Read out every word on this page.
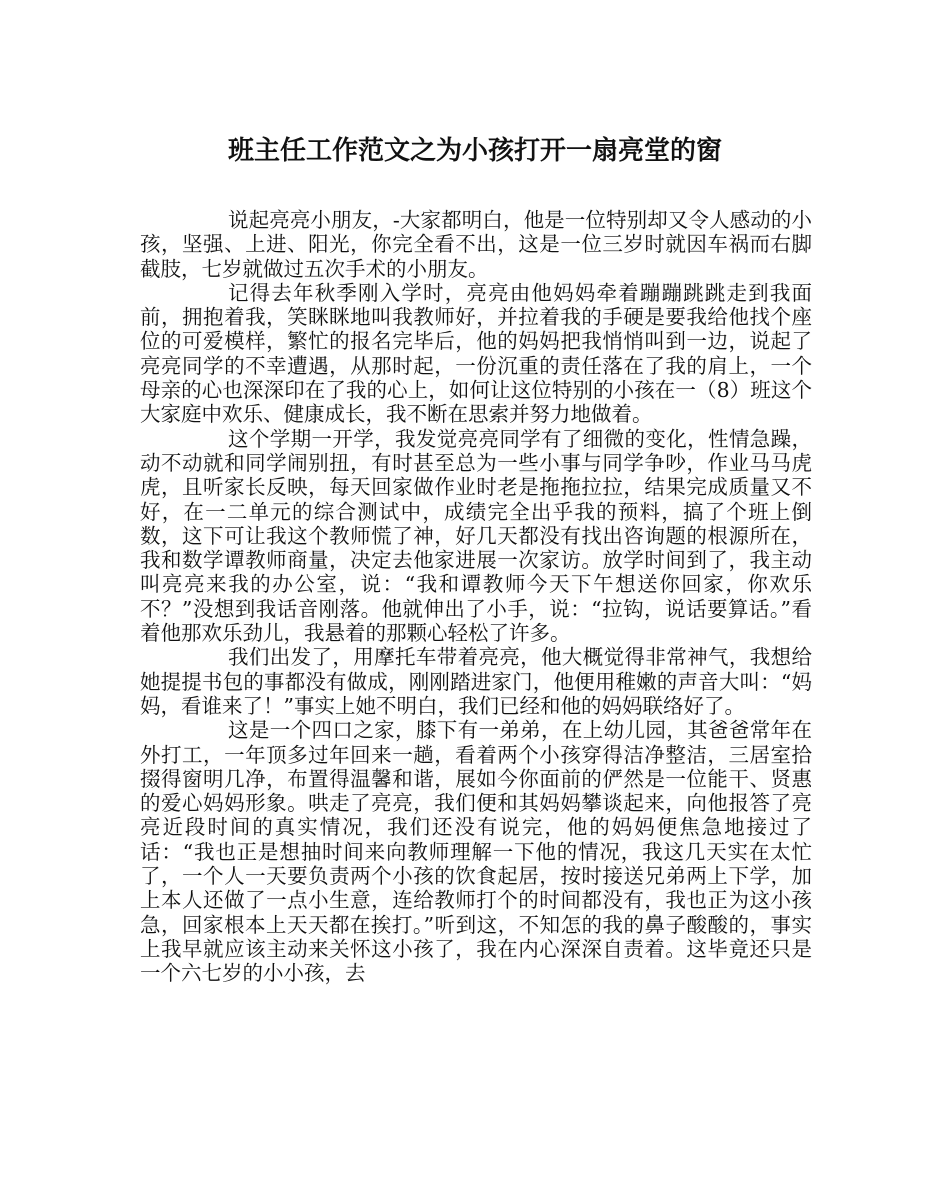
班主任工作范文之为小孩打开一扇亮堂的窗

说起亮亮小朋友，-大家都明白，他是一位特别却又令人感动的小孩，坚强、上进、阳光，你完全看不出，这是一位三岁时就因车祸而右脚截肢，七岁就做过五次手术的小朋友。

记得去年秋季刚入学时，亮亮由他妈妈牵着蹦蹦跳跳走到我面前，拥抱着我，笑眯眯地叫我教师好，并拉着我的手硬是要我给他找个座位的可爱模样，繁忙的报名完毕后，他的妈妈把我悄悄叫到一边，说起了亮亮同学的不幸遭遇，从那时起，一份沉重的责任落在了我的肩上，一个母亲的心也深深印在了我的心上，如何让这位特别的小孩在一（8）班这个大家庭中欢乐、健康成长，我不断在思索并努力地做着。

这个学期一开学，我发觉亮亮同学有了细微的变化，性情急躁，动不动就和同学闹别扭，有时甚至总为一些小事与同学争吵，作业马马虎虎，且听家长反映，每天回家做作业时老是拖拖拉拉，结果完成质量又不好，在一二单元的综合测试中，成绩完全出乎我的预料，搞了个班上倒数，这下可让我这个教师慌了神，好几天都没有找出咨询题的根源所在，我和数学谭教师商量，决定去他家进展一次家访。放学时间到了，我主动叫亮亮来我的办公室，说：“我和谭教师今天下午想送你回家，你欢乐不？”没想到我话音刚落。他就伸出了小手，说：“拉钩，说话要算话。”看着他那欢乐劲儿，我悬着的那颗心轻松了许多。

我们出发了，用摩托车带着亮亮，他大概觉得非常神气，我想给她提提书包的事都没有做成，刚刚踏进家门，他便用稚嫩的声音大叫：“妈妈，看谁来了！”事实上她不明白，我们已经和他的妈妈联络好了。

这是一个四口之家，膝下有一弟弟，在上幼儿园，其爸爸常年在外打工，一年顶多过年回来一趟，看着两个小孩穿得洁净整洁，三居室拾掇得窗明几净，布置得温馨和谐，展如今你面前的俨然是一位能干、贤惠的爱心妈妈形象。哄走了亮亮，我们便和其妈妈攀谈起来，向他报答了亮亮近段时间的真实情况，我们还没有说完，他的妈妈便焦急地接过了话：“我也正是想抽时间来向教师理解一下他的情况，我这几天实在太忙了，一个人一天要负责两个小孩的饮食起居，按时接送兄弟两上下学，加上本人还做了一点小生意，连给教师打个的时间都没有，我也正为这小孩急，回家根本上天天都在挨打。”听到这，不知怎的我的鼻子酸酸的，事实上我早就应该主动来关怀这小孩了，我在内心深深自责着。这毕竟还只是一个六七岁的小小孩，去
